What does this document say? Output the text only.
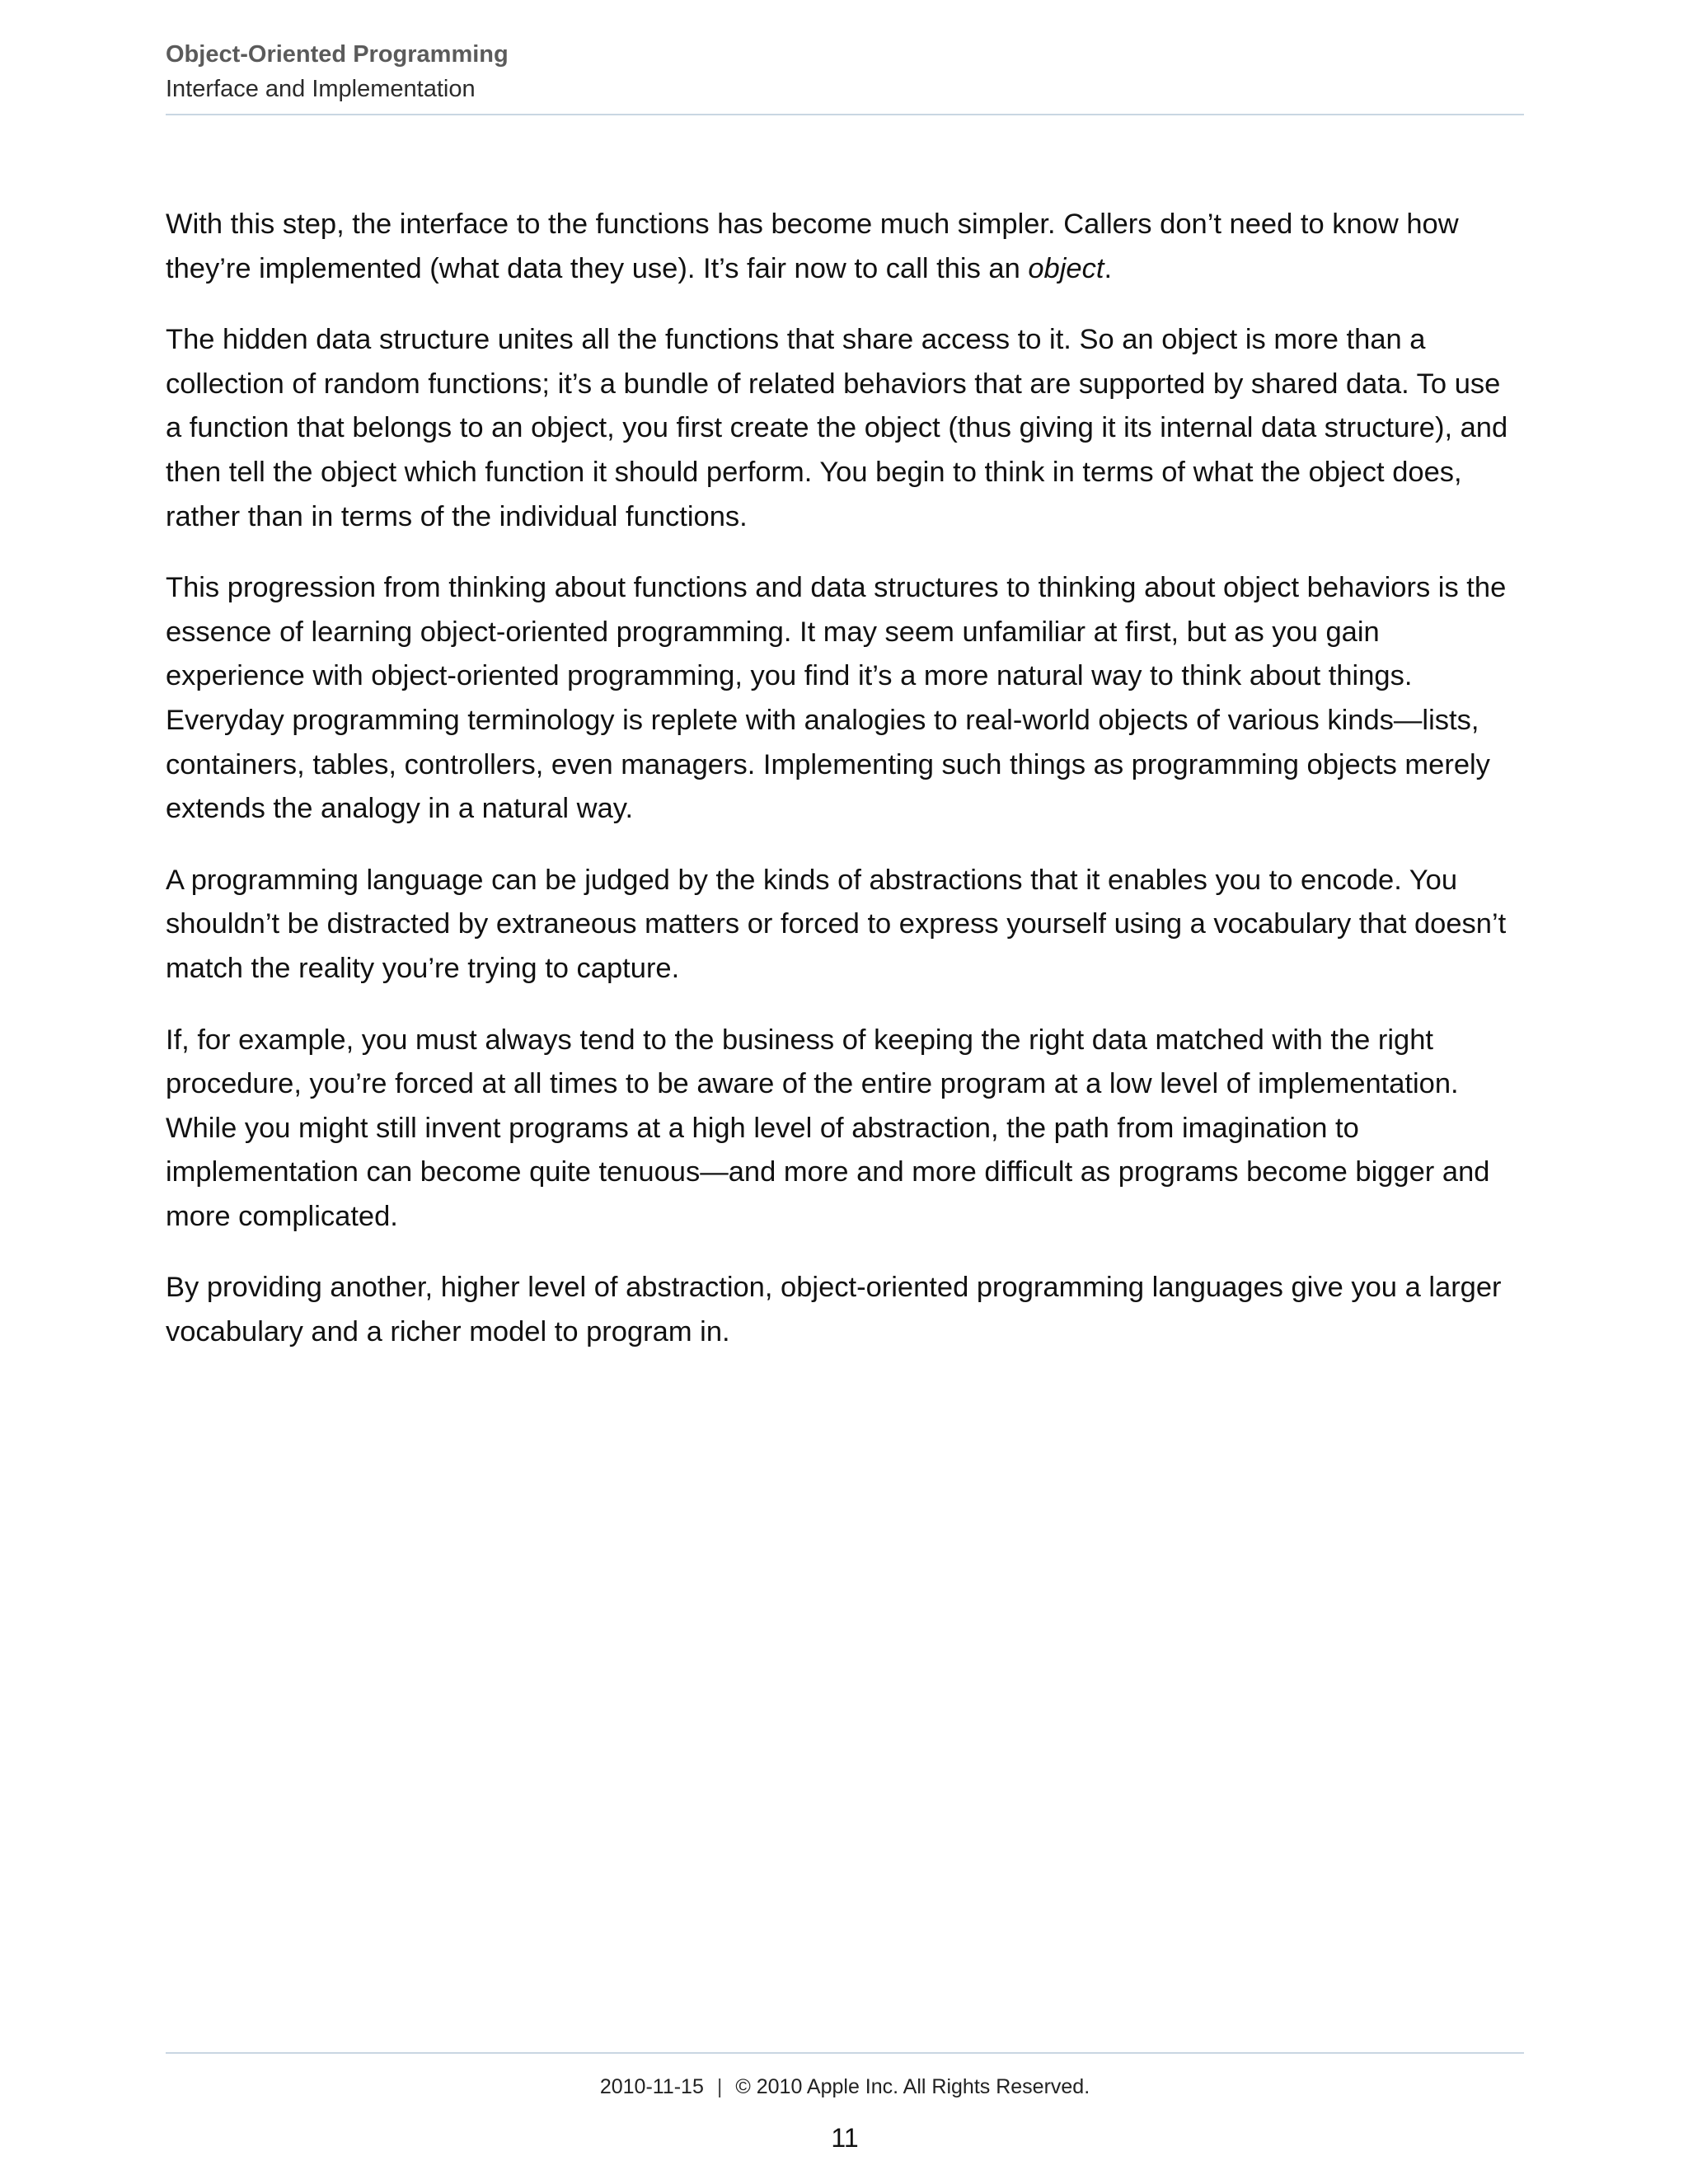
Object-Oriented Programming
Interface and Implementation

With this step, the interface to the functions has become much simpler. Callers don’t need to know how they’re implemented (what data they use). It’s fair now to call this an object.

The hidden data structure unites all the functions that share access to it. So an object is more than a collection of random functions; it’s a bundle of related behaviors that are supported by shared data. To use a function that belongs to an object, you first create the object (thus giving it its internal data structure), and then tell the object which function it should perform. You begin to think in terms of what the object does, rather than in terms of the individual functions.

This progression from thinking about functions and data structures to thinking about object behaviors is the essence of learning object-oriented programming. It may seem unfamiliar at first, but as you gain experience with object-oriented programming, you find it’s a more natural way to think about things. Everyday programming terminology is replete with analogies to real-world objects of various kinds—lists, containers, tables, controllers, even managers. Implementing such things as programming objects merely extends the analogy in a natural way.

A programming language can be judged by the kinds of abstractions that it enables you to encode. You shouldn’t be distracted by extraneous matters or forced to express yourself using a vocabulary that doesn’t match the reality you’re trying to capture.

If, for example, you must always tend to the business of keeping the right data matched with the right procedure, you’re forced at all times to be aware of the entire program at a low level of implementation. While you might still invent programs at a high level of abstraction, the path from imagination to implementation can become quite tenuous—and more and more difficult as programs become bigger and more complicated.

By providing another, higher level of abstraction, object-oriented programming languages give you a larger vocabulary and a richer model to program in.

2010-11-15 | © 2010 Apple Inc. All Rights Reserved.
11
